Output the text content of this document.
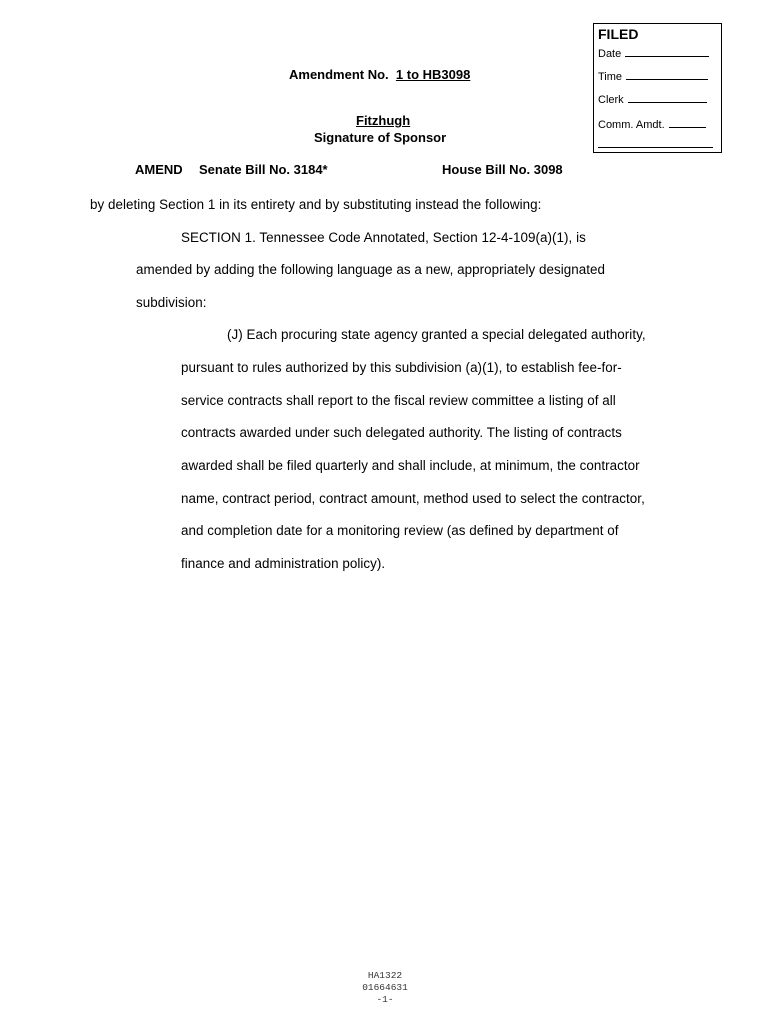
FILED
Date
Time
Clerk
Comm. Amdt.
Amendment No. 1 to HB3098
Fitzhugh
Signature of Sponsor
AMEND Senate Bill No. 3184*	House Bill No. 3098
by deleting Section 1 in its entirety and by substituting instead the following:
SECTION 1. Tennessee Code Annotated, Section 12-4-109(a)(1), is
amended by adding the following language as a new, appropriately designated
subdivision:
(J) Each procuring state agency granted a special delegated authority,
pursuant to rules authorized by this subdivision (a)(1), to establish fee-for-
service contracts shall report to the fiscal review committee a listing of all
contracts awarded under such delegated authority. The listing of contracts
awarded shall be filed quarterly and shall include, at minimum, the contractor
name, contract period, contract amount, method used to select the contractor,
and completion date for a monitoring review (as defined by department of
finance and administration policy).
HA1322
01664631
-1-
